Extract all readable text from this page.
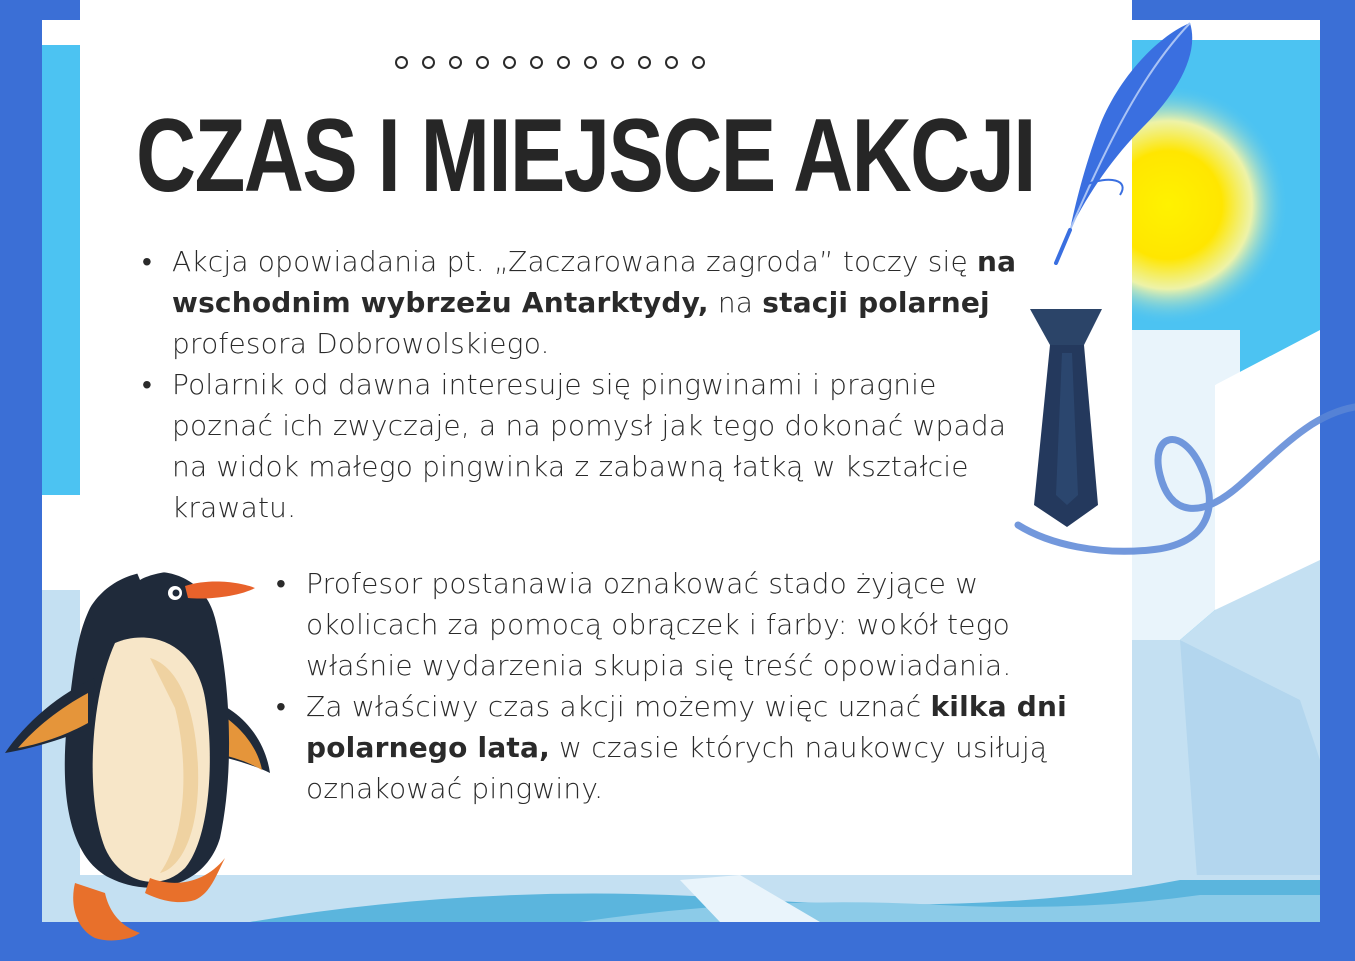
CZAS I MIEJSCE AKCJI
• Akcja opowiadania pt. „Zaczarowana zagroda” toczy się na wschodnim wybrzeżu Antarktydy, na stacji polarnej profesora Dobrowolskiego.
• Polarnik od dawna interesuje się pingwinami i pragnie poznać ich zwyczaje, a na pomysł jak tego dokonać wpada na widok małego pingwinka z zabawną łatką w kształcie krawatu.
• Profesor postanawia oznakować stado żyjące w okolicach za pomocą obrączek i farby: wokół tego właśnie wydarzenia skupia się treść opowiadania.
• Za właściwy czas akcji możemy więc uznać kilka dni polarnego lata, w czasie których naukowcy usiłują oznakować pingwiny.
